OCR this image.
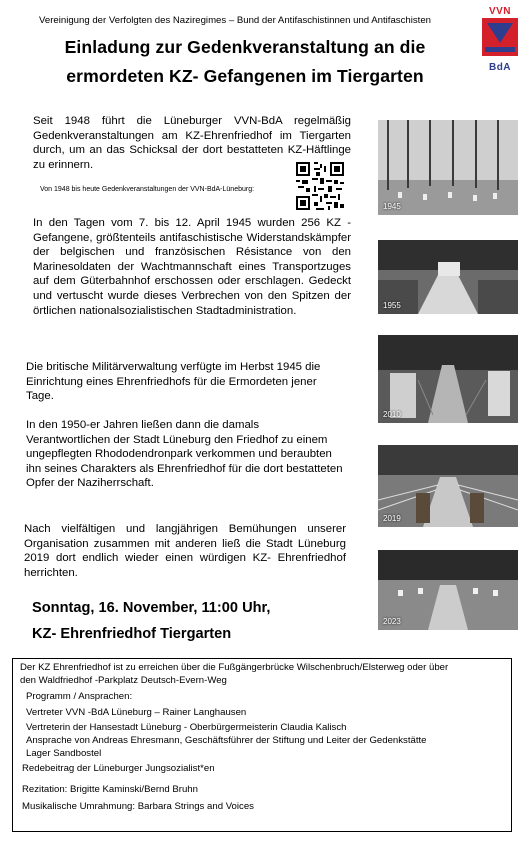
Vereinigung der Verfolgten des Naziregimes – Bund der Antifaschistinnen und Antifaschisten
Einladung zur Gedenkveranstaltung an die
ermordeten KZ- Gefangenen im Tiergarten
VVN
BdA
Seit 1948 führt die Lüneburger VVN-BdA regelmäßig Gedenkveranstaltungen am KZ-Ehrenfriedhof im Tiergarten durch, um an das Schicksal der dort bestatteten KZ-Häftlinge zu erinnern.
Von 1948 bis heute Gedenkveranstaltungen der VVN-BdA-Lüneburg:
In den Tagen vom 7. bis 12. April 1945 wurden 256 KZ - Gefangene, größtenteils antifaschistische Widerstandskämpfer der belgischen und französischen Résistance von den Marinesoldaten der Wachtmannschaft eines Transportzuges auf dem Güterbahnhof erschossen oder erschlagen. Gedeckt und vertuscht wurde dieses Verbrechen von den Spitzen der örtlichen nationalsozialistischen Stadtadministration.
Die britische Militärverwaltung verfügte im Herbst 1945 die Einrichtung eines Ehrenfriedhofs für die Ermordeten jener Tage.
In den 1950-er Jahren ließen dann die damals Verantwortlichen der Stadt Lüneburg den Friedhof zu einem ungepflegten Rhododendronpark verkommen und beraubten ihn seines Charakters als Ehrenfriedhof für die dort bestatteten Opfer der Naziherrschaft.
Nach vielfältigen und langjährigen Bemühungen unserer Organisation zusammen mit anderen ließ die Stadt Lüneburg 2019 dort endlich wieder einen würdigen KZ- Ehrenfriedhof herrichten.
Sonntag, 16. November, 11:00 Uhr,
KZ- Ehrenfriedhof Tiergarten
1945
1955
2010
2019
2023
Der KZ Ehrenfriedhof ist zu erreichen über die Fußgängerbrücke Wilschenbruch/Elsterweg oder über
den Waldfriedhof -Parkplatz Deutsch-Evern-Weg
Programm / Ansprachen:
Vertreter VVN -BdA Lüneburg – Rainer Langhausen
Vertreterin der Hansestadt Lüneburg - Oberbürgermeisterin Claudia Kalisch
Ansprache von Andreas Ehresmann, Geschäftsführer der Stiftung und Leiter der Gedenkstätte
Lager Sandbostel
Redebeitrag der Lüneburger Jungsozialist*en
Rezitation: Brigitte Kaminski/Bernd Bruhn
Musikalische Umrahmung: Barbara Strings and Voices
